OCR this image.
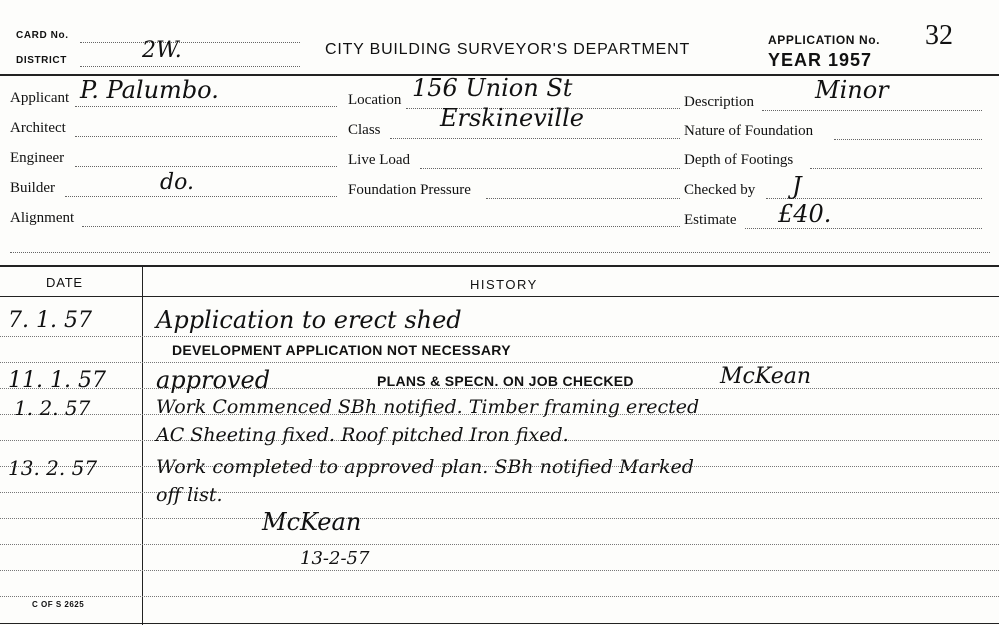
CARD No.
DISTRICT	2W.	CITY BUILDING SURVEYOR'S DEPARTMENT
APPLICATION No. 32
YEAR 1957
Applicant P. Palumbo.
Architect
Engineer
Builder	do.
Alignment
Location 156 Union St
Class Erskineville
Live Load
Foundation Pressure
Description	Minor
Nature of Foundation
Depth of Footings
Checked by J
Estimate £40.
DATE	HISTORY
7. 1. 57	Application to erect shed
DEVELOPMENT APPLICATION NOT NECESSARY
11. 1. 57 approved	PLANS & SPECN. ON JOB CHECKED	McKean
1. 2. 57	Work Commenced SBh notified. Timber framing erected
AC Sheeting fixed. Roof pitched Iron fixed.
13. 2. 57	Work completed to approved plan. SBh notified Marked
off list.
McKean
13-2-57
C OF S 2625
